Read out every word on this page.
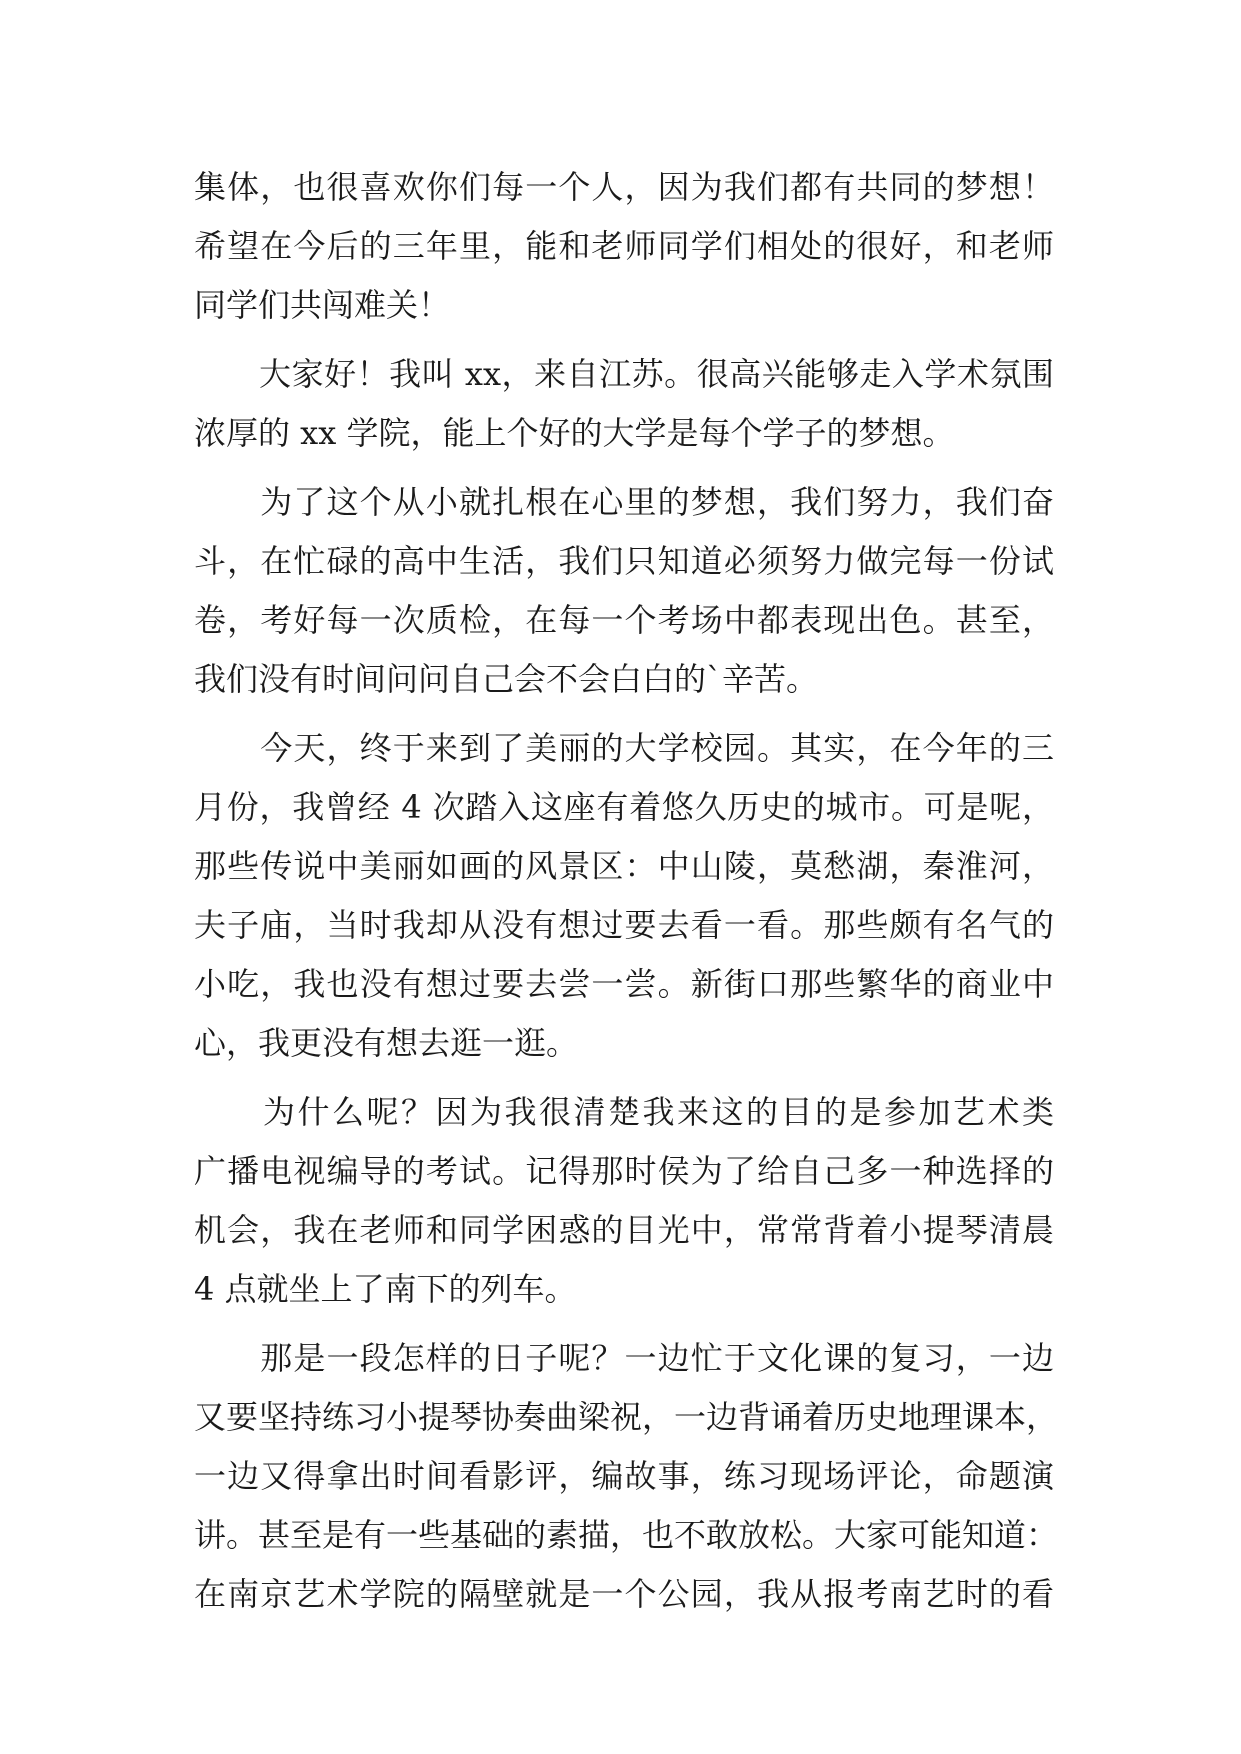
集体，也很喜欢你们每一个人，因为我们都有共同的梦想！
希望在今后的三年里，能和老师同学们相处的很好，和老师
同学们共闯难关！
　　大家好！我叫 xx，来自江苏。很高兴能够走入学术氛围
浓厚的 xx 学院，能上个好的大学是每个学子的梦想。
　　为了这个从小就扎根在心里的梦想，我们努力，我们奋
斗，在忙碌的高中生活，我们只知道必须努力做完每一份试
卷，考好每一次质检，在每一个考场中都表现出色。甚至，
我们没有时间问问自己会不会白白的`辛苦。
　　今天，终于来到了美丽的大学校园。其实，在今年的三
月份，我曾经 4 次踏入这座有着悠久历史的城市。可是呢，
那些传说中美丽如画的风景区：中山陵，莫愁湖，秦淮河，
夫子庙，当时我却从没有想过要去看一看。那些颇有名气的
小吃，我也没有想过要去尝一尝。新街口那些繁华的商业中
心，我更没有想去逛一逛。
　　为什么呢？因为我很清楚我来这的目的是参加艺术类
广播电视编导的考试。记得那时侯为了给自己多一种选择的
机会，我在老师和同学困惑的目光中，常常背着小提琴清晨
4 点就坐上了南下的列车。
　　那是一段怎样的日子呢？一边忙于文化课的复习，一边
又要坚持练习小提琴协奏曲梁祝，一边背诵着历史地理课本，
一边又得拿出时间看影评，编故事，练习现场评论，命题演
讲。甚至是有一些基础的素描，也不敢放松。大家可能知道：
在南京艺术学院的隔壁就是一个公园，我从报考南艺时的看
